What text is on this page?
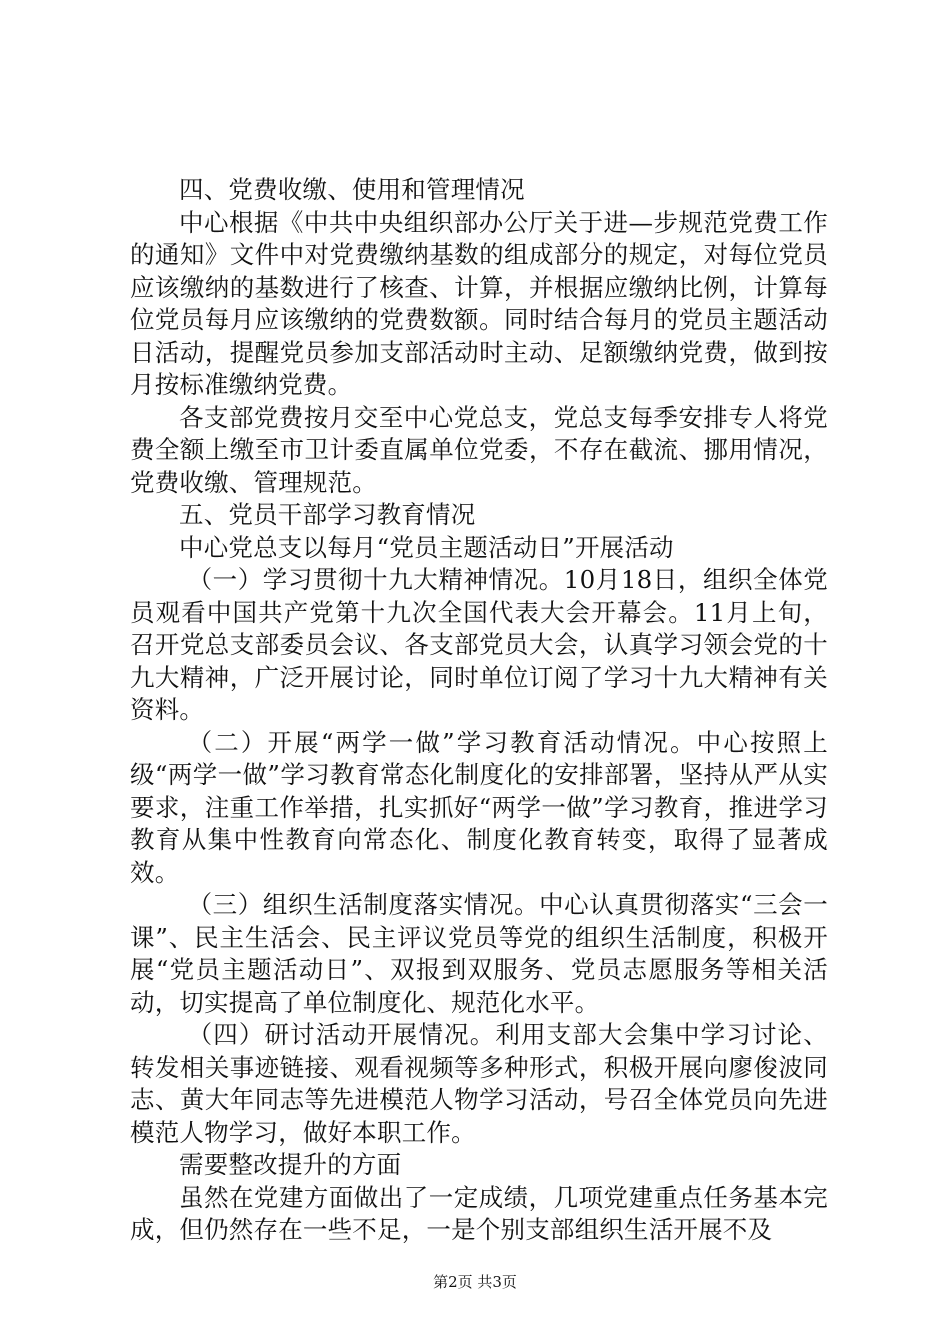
四、党费收缴、使用和管理情况

中心根据《中共中央组织部办公厅关于进—步规范党费工作的通知》文件中对党费缴纳基数的组成部分的规定，对每位党员应该缴纳的基数进行了核查、计算，并根据应缴纳比例，计算每位党员每月应该缴纳的党费数额。同时结合每月的党员主题活动日活动，提醒党员参加支部活动时主动、足额缴纳党费，做到按月按标准缴纳党费。

各支部党费按月交至中心党总支，党总支每季安排专人将党费全额上缴至市卫计委直属单位党委，不存在截流、挪用情况，党费收缴、管理规范。

五、党员干部学习教育情况

中心党总支以每月“党员主题活动日”开展活动

（一）学习贯彻十九大精神情况。10月18日，组织全体党员观看中国共产党第十九次全国代表大会开幕会。11月上旬，召开党总支部委员会议、各支部党员大会，认真学习领会党的十九大精神，广泛开展讨论，同时单位订阅了学习十九大精神有关资料。

（二）开展“两学一做”学习教育活动情况。中心按照上级“两学一做”学习教育常态化制度化的安排部署，坚持从严从实要求，注重工作举措，扎实抓好“两学一做”学习教育，推进学习教育从集中性教育向常态化、制度化教育转变，取得了显著成效。

（三）组织生活制度落实情况。中心认真贯彻落实“三会一课”、民主生活会、民主评议党员等党的组织生活制度，积极开展“党员主题活动日”、双报到双服务、党员志愿服务等相关活动，切实提高了单位制度化、规范化水平。

（四）研讨活动开展情况。利用支部大会集中学习讨论、转发相关事迹链接、观看视频等多种形式，积极开展向廖俊波同志、黄大年同志等先进模范人物学习活动，号召全体党员向先进模范人物学习，做好本职工作。

需要整改提升的方面

虽然在党建方面做出了一定成绩，几项党建重点任务基本完成，但仍然存在一些不足，一是个别支部组织生活开展不及

第2页 共3页
